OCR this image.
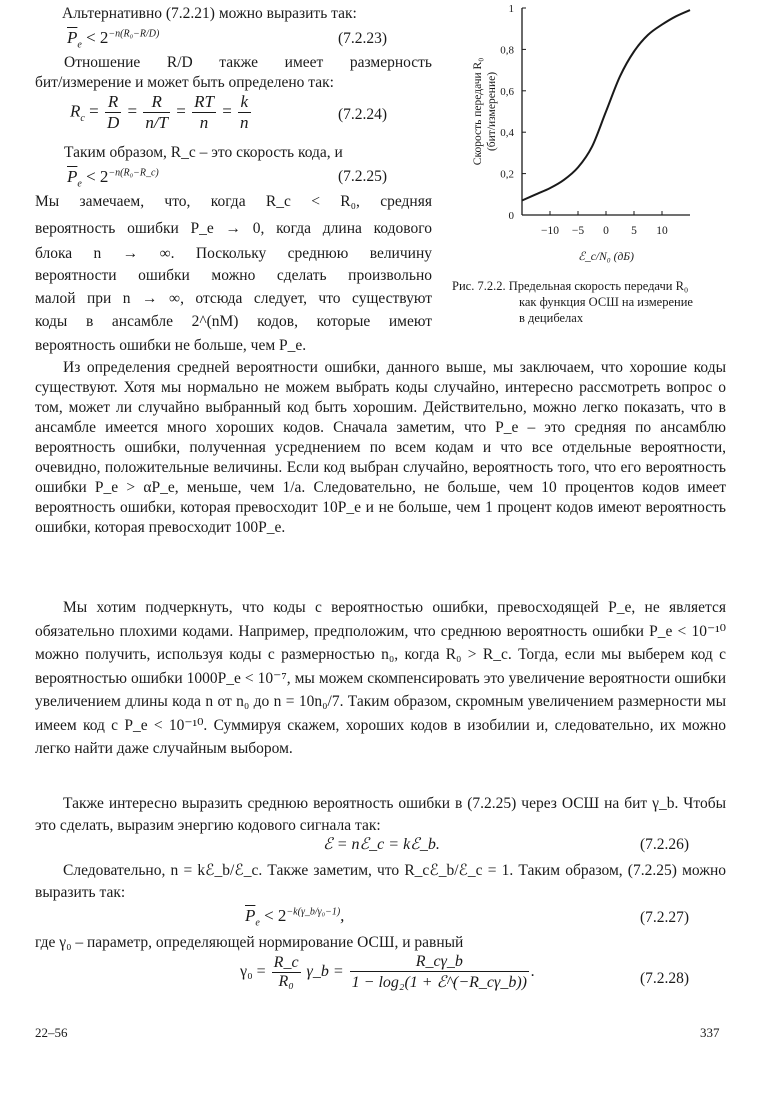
Альтернативно (7.2.21) можно выразить так:
$\overline{P}_e < 2^{-n(R_0-R/D)}$	(7.2.23)
Отношение R/D также имеет размерность
бит/измерение и может быть определено так:
$R_c = \frac{R}{D} = \frac{R}{n/T} = \frac{RT}{n} = \frac{k}{n}$	(7.2.24)
Таким образом, R_c – это скорость кода, и
$\overline{P}_e < 2^{-n(R_0-R\_c)}$	(7.2.25)
Мы замечаем, что, когда R_c < R₀, средняя
вероятность ошибки P_e → 0, когда длина кодового
блока n → ∞. Поскольку среднюю величину
вероятности ошибки можно сделать произвольно
малой при n → ∞, отсюда следует, что существуют
коды в ансамбле 2^(nM) кодов, которые имеют
вероятность ошибки не больше, чем P_e.
Скорость передачи R₀ (бит/измерение)
0
0,2
0,4
0,6
0,8
1
−10 −5 0 5 10
ℰ_c/N₀ (дБ)
Рис. 7.2.2. Предельная скорость передачи R₀
как функция ОСШ на измерение
в децибелах
Из определения средней вероятности ошибки, данного выше, мы заключаем, что хорошие коды существуют. Хотя мы нормально не можем выбрать коды случайно, интересно рассмотреть вопрос о том, может ли случайно выбранный код быть хорошим. Действительно, можно легко показать, что в ансамбле имеется много хороших кодов. Сначала заметим, что P_e – это средняя по ансамблю вероятность ошибки, полученная усреднением по всем кодам и что все отдельные вероятности, очевидно, положительные величины. Если код выбран случайно, вероятность того, что его вероятность ошибки P_e > αP_e, меньше, чем 1/a. Следовательно, не больше, чем 10 процентов кодов имеет вероятность ошибки, которая превосходит 10P_e и не больше, чем 1 процент кодов имеют вероятность ошибки, которая превосходит 100P_e.
Мы хотим подчеркнуть, что коды с вероятностью ошибки, превосходящей P_e, не является обязательно плохими кодами. Например, предположим, что среднюю вероятность ошибки P_e < 10⁻¹⁰ можно получить, используя коды с размерностью n₀, когда R₀ > R_c. Тогда, если мы выберем код с вероятностью ошибки 1000P_e < 10⁻⁷, мы можем скомпенсировать это увеличение вероятности ошибки увеличением длины кода n от n₀ до n = 10n₀/7. Таким образом, скромным увеличением размерности мы имеем код с P_e < 10⁻¹⁰. Суммируя скажем, хороших кодов в изобилии и, следовательно, их можно легко найти даже случайным выбором.
Также интересно выразить среднюю вероятность ошибки в (7.2.25) через ОСШ на бит γ_b. Чтобы это сделать, выразим энергию кодового сигнала так:
ℰ = nℰ_c = kℰ_b.	(7.2.26)
Следовательно, n = kℰ_b/ℰ_c. Также заметим, что R_cℰ_b/ℰ_c = 1. Таким образом, (7.2.25) можно выразить так:
$\overline{P}_e < 2^{-k(\gamma\_b/\gamma_0-1)}$,	(7.2.27)
где γ₀ – параметр, определяющей нормирование ОСШ, и равный
$\gamma_0 = \frac{R\_c}{\text{R₀}}$ γ_b = $\frac{R\_c\gamma\_b}{\text{1 − log₂(1 + ℰ\textasciicircum{}(−R\_cγ\_b))}}$ .	(7.2.28)
22–56	337
